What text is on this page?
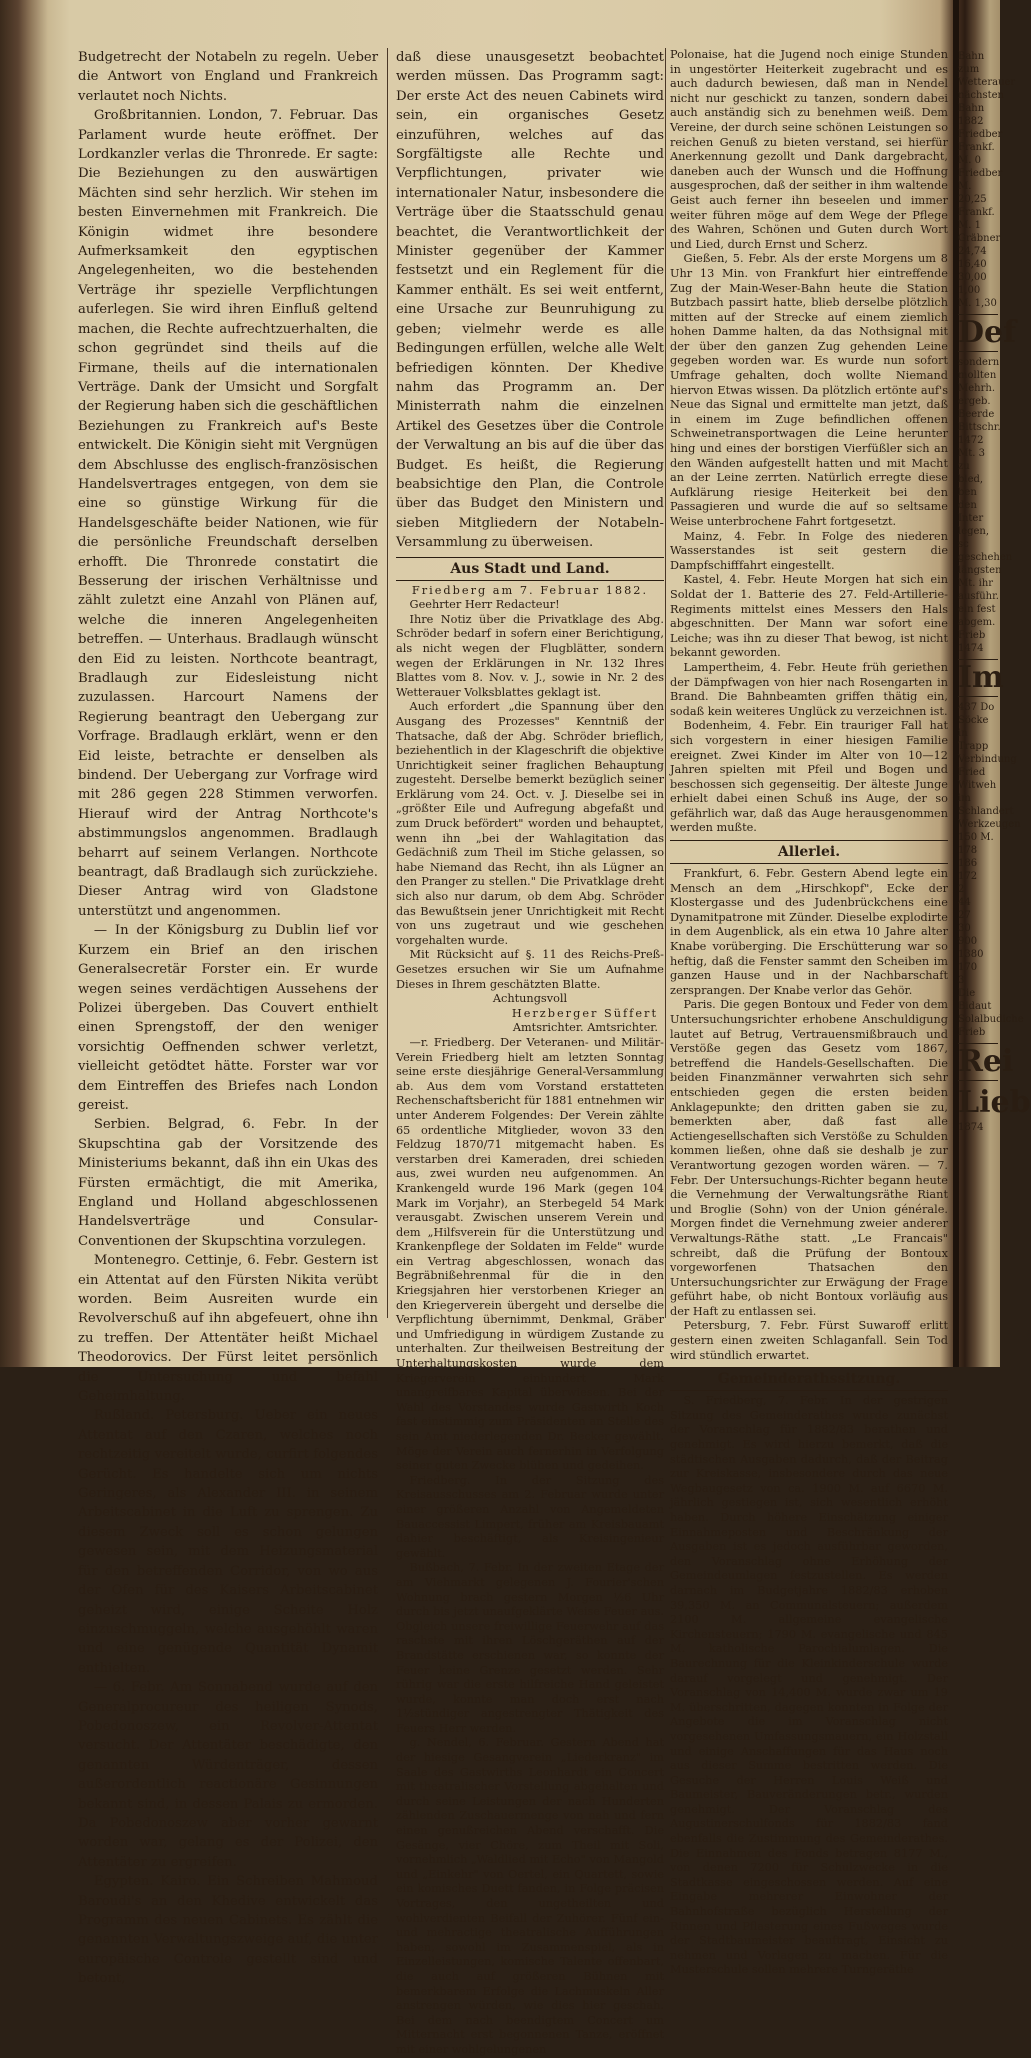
Budgetrecht der Notabeln zu regeln. Ueber die Antwort von England und Frankreich verlautet noch Nichts.

Großbritannien. London, 7. Februar. Das Parlament wurde heute eröffnet. Der Lordkanzler verlas die Thronrede. Er sagte: Die Beziehungen zu den auswärtigen Mächten sind sehr herzlich. Wir stehen im besten Einvernehmen mit Frankreich. Die Königin widmet ihre besondere Aufmerksamkeit den egyptischen Angelegenheiten, wo die bestehenden Verträge ihr spezielle Verpflichtungen auferlegen. Sie wird ihren Einfluß geltend machen, die Rechte aufrechtzuerhalten, die schon gegründet sind theils auf die Firmane, theils auf die internationalen Verträge. Dank der Umsicht und Sorgfalt der Regierung haben sich die geschäftlichen Beziehungen zu Frankreich auf's Beste entwickelt. Die Königin sieht mit Vergnügen dem Abschlusse des englisch-französischen Handelsvertrages entgegen, von dem sie eine so günstige Wirkung für die Handelsgeschäfte beider Nationen, wie für die persönliche Freundschaft derselben erhofft. Die Thronrede constatirt die Besserung der irischen Verhältnisse und zählt zuletzt eine Anzahl von Plänen auf, welche die inneren Angelegenheiten betreffen. — Unterhaus. Bradlaugh wünscht den Eid zu leisten. Northcote beantragt, Bradlaugh zur Eidesleistung nicht zuzulassen. Harcourt Namens der Regierung beantragt den Uebergang zur Vorfrage. Bradlaugh erklärt, wenn er den Eid leiste, betrachte er denselben als bindend. Der Uebergang zur Vorfrage wird mit 286 gegen 228 Stimmen verworfen. Hierauf wird der Antrag Northcote's abstimmungslos angenommen. Bradlaugh beharrt auf seinem Verlangen. Northcote beantragt, daß Bradlaugh sich zurückziehe. Dieser Antrag wird von Gladstone unterstützt und angenommen.

— In der Königsburg zu Dublin lief vor Kurzem ein Brief an den irischen Generalsecretär Forster ein. Er wurde wegen seines verdächtigen Aussehens der Polizei übergeben. Das Couvert enthielt einen Sprengstoff, der den weniger vorsichtig Oeffnenden schwer verletzt, vielleicht getödtet hätte. Forster war vor dem Eintreffen des Briefes nach London gereist.

Serbien. Belgrad, 6. Febr. In der Skupschtina gab der Vorsitzende des Ministeriums bekannt, daß ihn ein Ukas des Fürsten ermächtigt, die mit Amerika, England und Holland abgeschlossenen Handelsverträge und Consular-Conventionen der Skupschtina vorzulegen.

Montenegro. Cettinje, 6. Febr. Gestern ist ein Attentat auf den Fürsten Nikita verübt worden. Beim Ausreiten wurde ein Revolverschuß auf ihn abgefeuert, ohne ihn zu treffen. Der Attentäter heißt Michael Theodorovics. Der Fürst leitet persönlich die Untersuchung und befahl Geheimhaltung.

Rußland. Petersburg. Ueber ein neues Attentat auf den Czaren, welches noch rechtzeitig vereitelt wurde, curfirt folgendes Gerücht. Es handelte sich um nichts Geringeres, als Alexander III. in seinem Arbeitscabinet in die Luft zu sprengen. Zu diesem Zweck soll es schon gelungen gewesen sein, mit dem Heizungsmaterial für den betreffenden Corridor, von wo aus der Ofen für des Kaisers Arbeitscabinet geheizt wird, einige Scheite Holz einzuschmuggeln, welche ausgehöhlt waren und eine genügende Quantität Dynamit enthielten.

— 6. Febr. Am Sonnabend wurde auf den Generalprocureur des heiligen Synods, Pobedonoszew, ein Revolver-Attentat versucht. Der Attentäter beschädigte, den genannten Würdenträger, dessen außerordentlich reactionäre Gesinnungen bekannt sind, in dessen Palais zu ermorden. Da Pobedonoszew aber vorher gewarnt worden war, gelang es der Polizei, den Attentäter zu ergreifen.

Egypten. Kairo. Ein Schreiben Mahmoud Baroudi's an den Khedive entwickelt das Programm des neuen Cabinets. Es zählt die genannten Verwaltungszweige auf, die unter europäische Controle gestellt sind und betont,

daß diese unausgesetzt beobachtet werden müssen. Das Programm sagt: Der erste Act des neuen Cabinets wird sein, ein organisches Gesetz einzuführen, welches auf das Sorgfältigste alle Rechte und Verpflichtungen, privater wie internationaler Natur, insbesondere die Verträge über die Staatsschuld genau beachtet, die Verantwortlichkeit der Minister gegenüber der Kammer festsetzt und ein Reglement für die Kammer enthält. Es sei weit entfernt, eine Ursache zur Beunruhigung zu geben; vielmehr werde es alle Bedingungen erfüllen, welche alle Welt befriedigen könnten. Der Khedive nahm das Programm an. Der Ministerrath nahm die einzelnen Artikel des Gesetzes über die Controle der Verwaltung an bis auf die über das Budget. Es heißt, die Regierung beabsichtige den Plan, die Controle über das Budget den Ministern und sieben Mitgliedern der Notabeln-Versammlung zu überweisen.

Aus Stadt und Land.

Friedberg am 7. Februar 1882.

Geehrter Herr Redacteur!

Ihre Notiz über die Privatklage des Abg. Schröder bedarf in sofern einer Berichtigung, als nicht wegen der Flugblätter, sondern wegen der Erklärungen in Nr. 132 Ihres Blattes vom 8. Nov. v. J., sowie in Nr. 2 des Wetterauer Volksblattes geklagt ist.

Auch erfordert „die Spannung über den Ausgang des Prozesses" Kenntniß der Thatsache, daß der Abg. Schröder brieflich, beziehentlich in der Klageschrift die objektive Unrichtigkeit seiner fraglichen Behauptung zugesteht. Derselbe bemerkt bezüglich seiner Erklärung vom 24. Oct. v. J. Dieselbe sei in „größter Eile und Aufregung abgefaßt und zum Druck befördert" worden und behauptet, wenn ihn „bei der Wahlagitation das Gedächniß zum Theil im Stiche gelassen, so habe Niemand das Recht, ihn als Lügner an den Pranger zu stellen." Die Privatklage dreht sich also nur darum, ob dem Abg. Schröder das Bewußtsein jener Unrichtigkeit mit Recht von uns zugetraut und wie geschehen vorgehalten wurde.

Mit Rücksicht auf §. 11 des Reichs-Preß-Gesetzes ersuchen wir Sie um Aufnahme Dieses in Ihrem geschätzten Blatte.

Achtungsvoll

Herzberger Süffert

Amtsrichter. Amtsrichter.

—r. Friedberg. Der Veteranen- und Militär-Verein Friedberg hielt am letzten Sonntag seine erste diesjährige General-Versammlung ab. Aus dem vom Vorstand erstatteten Rechenschaftsbericht für 1881 entnehmen wir unter Anderem Folgendes: Der Verein zählte 65 ordentliche Mitglieder, wovon 33 den Feldzug 1870/71 mitgemacht haben. Es verstarben drei Kameraden, drei schieden aus, zwei wurden neu aufgenommen. An Krankengeld wurde 196 Mark (gegen 104 Mark im Vorjahr), an Sterbegeld 54 Mark verausgabt. Zwischen unserem Verein und dem „Hilfsverein für die Unterstützung und Krankenpflege der Soldaten im Felde" wurde ein Vertrag abgeschlossen, wonach das Begräbnißehrenmal für die in den Kriegsjahren hier verstorbenen Krieger an den Kriegerverein übergeht und derselbe die Verpflichtung übernimmt, Denkmal, Gräber und Umfriedigung in würdigem Zustande zu unterhalten. Zur theilweisen Bestreitung der Unterhaltungskosten wurde dem Kriegerverein einhundert Mark unangreifbares Kapital überwiesen. Bei der Wahl des Vorstandes wurde Gastwirth Koch fast einstimmig zum Präsidenten an Stelle des sein Amt niederlegenden Dr. Becker gewählt. Möge der Verein auch fernerhin in Verfolgung seiner guten Zwecke blühen und gedeihen.

Friedberg. In der Sitzung des Kreisausschusses am 2. Februar wurde unter einer größeren Anzahl von Angemeldeten Bauaccessist Limpert, früher am Kreisbauamt dahier beschäftigt, als Kreisingenieur gewählt.

Bußbach, 7. Febr. In der zweiten Etage der am Viehmarkt gelegenen J. Fourier'schen Wohnung brach gestern Morgen ½6 Uhr durch bis jetzt unaufgeklärte Weise Feuer aus. Obgleich unsere freiwillige Feuerwehr auf das raschste mit ihren Löschgeräthen auf der Brandstätte erschienen war, so konnte der Feuer keine Grenze gesetzt werden. Sehr rührig war die erste hilfreiche Hand geleistet wurde, konnte man doch erst nach 1½stündiger angestrengter Thätigkeit des Feuers Herr werden.

g. Nendel, 6. Februar. Gestern Abend hat der hiesige Gesangverein „Liederkranz" im Saale des Gastwirths Leonhardt ein Concert mit theatralischer Vorstellung abgehalten und durch seine Leistungen der nach Hunderten zählenden Zuschauermenge von nah und fern einen genußreichen Abend verschafft. Die Gesänge, vier Chöre, zum Theil mit Soli, vornehmlich „Waldlied mit Echo" von Mangold und „Einkehr" von Oertel, ein Quartett, sowie ein komisches Duett fanden, in Folge präcisen Vortrages, den ungetheilten und wohlverdienten Beifall der Zuhörer. Fünf ein- und mehractige theatralische Aufführungen haben, sowohl im Zusammenspiel, als in Einzelleistungen, komische Talente offenbart, die auch auf größeren Bühnen mit bemerkbarem Erfolge die Lachmuskeln Aller anstrengen würden, wie dies hier geschah. Bei dem nach beendigtem Concert um Mitternacht erst begonnenen Tanze, eröffnet mit einer wohlgelungenen

Polonaise, hat die Jugend noch einige Stunden in ungestörter Heiterkeit zugebracht und es auch dadurch bewiesen, daß man in Nendel nicht nur geschickt zu tanzen, sondern dabei auch anständig sich zu benehmen weiß. Dem Vereine, der durch seine schönen Leistungen so reichen Genuß zu bieten verstand, sei hierfür Anerkennung gezollt und Dank dargebracht, daneben auch der Wunsch und die Hoffnung ausgesprochen, daß der seither in ihm waltende Geist auch ferner ihn beseelen und immer weiter führen möge auf dem Wege der Pflege des Wahren, Schönen und Guten durch Wort und Lied, durch Ernst und Scherz.

Gießen, 5. Febr. Als der erste Morgens um 8 Uhr 13 Min. von Frankfurt hier eintreffende Zug der Main-Weser-Bahn heute die Station Butzbach passirt hatte, blieb derselbe plötzlich mitten auf der Strecke auf einem ziemlich hohen Damme halten, da das Nothsignal mit der über den ganzen Zug gehenden Leine gegeben worden war. Es wurde nun sofort Umfrage gehalten, doch wollte Niemand hiervon Etwas wissen. Da plötzlich ertönte auf's Neue das Signal und ermittelte man jetzt, daß in einem im Zuge befindlichen offenen Schweinetransportwagen die Leine herunter hing und eines der borstigen Vierfüßler sich an den Wänden aufgestellt hatten und mit Macht an der Leine zerrten. Natürlich erregte diese Aufklärung riesige Heiterkeit bei den Passagieren und wurde die auf so seltsame Weise unterbrochene Fahrt fortgesetzt.

Mainz, 4. Febr. In Folge des niederen Wasserstandes ist seit gestern die Dampfschifffahrt eingestellt.

Kastel, 4. Febr. Heute Morgen hat sich ein Soldat der 1. Batterie des 27. Feld-Artillerie-Regiments mittelst eines Messers den Hals abgeschnitten. Der Mann war sofort eine Leiche; was ihn zu dieser That bewog, ist nicht bekannt geworden.

Lampertheim, 4. Febr. Heute früh geriethen der Dämpfwagen von hier nach Rosengarten in Brand. Die Bahnbeamten griffen thätig ein, sodaß kein weiteres Unglück zu verzeichnen ist.

Bodenheim, 4. Febr. Ein trauriger Fall hat sich vorgestern in einer hiesigen Familie ereignet. Zwei Kinder im Alter von 10—12 Jahren spielten mit Pfeil und Bogen und beschossen sich gegenseitig. Der älteste Junge erhielt dabei einen Schuß ins Auge, der so gefährlich war, daß das Auge herausgenommen werden mußte.

Allerlei.

Frankfurt, 6. Febr. Gestern Abend legte ein Mensch an dem „Hirschkopf", Ecke der Klostergasse und des Judenbrückchens eine Dynamitpatrone mit Zünder. Dieselbe explodirte in dem Augenblick, als ein etwa 10 Jahre alter Knabe vorüberging. Die Erschütterung war so heftig, daß die Fenster sammt den Scheiben im ganzen Hause und in der Nachbarschaft zersprangen. Der Knabe verlor das Gehör.

Paris. Die gegen Bontoux und Feder von dem Untersuchungsrichter erhobene Anschuldigung lautet auf Betrug, Vertrauensmißbrauch und Verstöße gegen das Gesetz vom 1867, betreffend die Handels-Gesellschaften. Die beiden Finanzmänner verwahrten sich sehr entschieden gegen die ersten beiden Anklagepunkte; den dritten gaben sie zu, bemerkten aber, daß fast alle Actiengesellschaften sich Verstöße zu Schulden kommen ließen, ohne daß sie deshalb je zur Verantwortung gezogen worden wären. — 7. Febr. Der Untersuchungs-Richter begann heute die Vernehmung der Verwaltungsräthe Riant und Broglie (Sohn) von der Union générale. Morgen findet die Vernehmung zweier anderer Verwaltungs-Räthe statt. „Le Francais" schreibt, daß die Prüfung der Bontoux vorgeworfenen Thatsachen den Untersuchungsrichter zur Erwägung der Frage geführt habe, ob nicht Bontoux vorläufig aus der Haft zu entlassen sei.

Petersburg, 7. Febr. Fürst Suwaroff erlitt gestern einen zweiten Schlaganfall. Sein Tod wird stündlich erwartet.

Gemeinderathssitzung.

S. Friedberg, 7. Febr. In der gestrigen Sitzung des Gemeinderathes wurde zunächst der Voranschlag für 1882/83 berathen und genehmigt. Es wird hierzu bemerkt, daß die städtischen Ausgaben dadurch, daß der Beitrag zur Kreiskasse, insbesondere durch das neue Wegbaugesetz von ca. 1900 M. auf 6670 M. jährlich gestiegen ist, sich wesentlich erhöht haben. Durch höhere Einschätzung einiger Einnahmeposten und Beschränkung der Ausgaben ist es jedoch ausführbar geworden, den Voranschlag ohne Erhöhung der Gemeindeumlagen festzustellen. Es werden darnach im Budgetjahre 1882/83 erhoben 39,350 M. an Communalsteuern; außerdem 2100 M. allgemeine evangelische Kirchensteuern; 1790 M. evangelische und 845 M. katholische Parochialumlagen. Die Baurechnung für die Kleinkinderschule wurde darauf vorgelegt und genehmigt. Der Voranschlag von 14,400 M. wurde zwar um 19 M. überschritten, dagegen konnten in Folge der Angebote die im Voranschlag nicht vorgesehenen Umfassungsmauern, ein Holzstall und einige Anschaffungen für das Haus noch aus dieser Summe bestritten werden. Die Gesuche der Herren Louis Weiß und Baumeister, Bauveränderungen betr., wurden genehmigt. Der Voranschlag des Augustinerschulfonds für 1882/83 fand ebenfalls die Zustimmung des Gemeinderathes. Die Einnahmen des Fonds betragen 8177 M., von denen 7200 für Schulzwecke in die Stadtkasse eingeschossen werden. Auf eine Eingabe mehrerer Einwohner der Bahnhofstraße bezüglich Herstellung der Rinnen und Pflasterung eines Fußweges wurde der Stadtbaumeister beauftragt, Einsicht zu nehmen und Vorlagen zu machen. Für die Musterschule sollen mehrere Turngeräthe

Bahn
zum
Wetterauer
nächsten
Bahn
1882
Friedber
Frankf.
M. 0
Friedber
M. 20,25
Frankf.
M. 1
Gräbner
24,74
16,40
30,00
1,00
M. 1,30
Def
sondern
mollten
Mehrh.
ergeb.
Beerde
Bittschr.
1472
Mt. 3 zu
bled, ben
den Inter
legen, sc
geschehen
längsten
Mt. ihr
ausführ.
ein fest
abgem.
Frieb
1474
Im
437 Do
Söcke in
Trapp
Verbindung
Fried
Witweh
im
Schlandert
Werkzeugen
150 M.
178
186
172
2
44
27
30
900
1380
170
3
Die
Bidaut
Solalbudiche
Frieb
Rei
Lieb
1874
